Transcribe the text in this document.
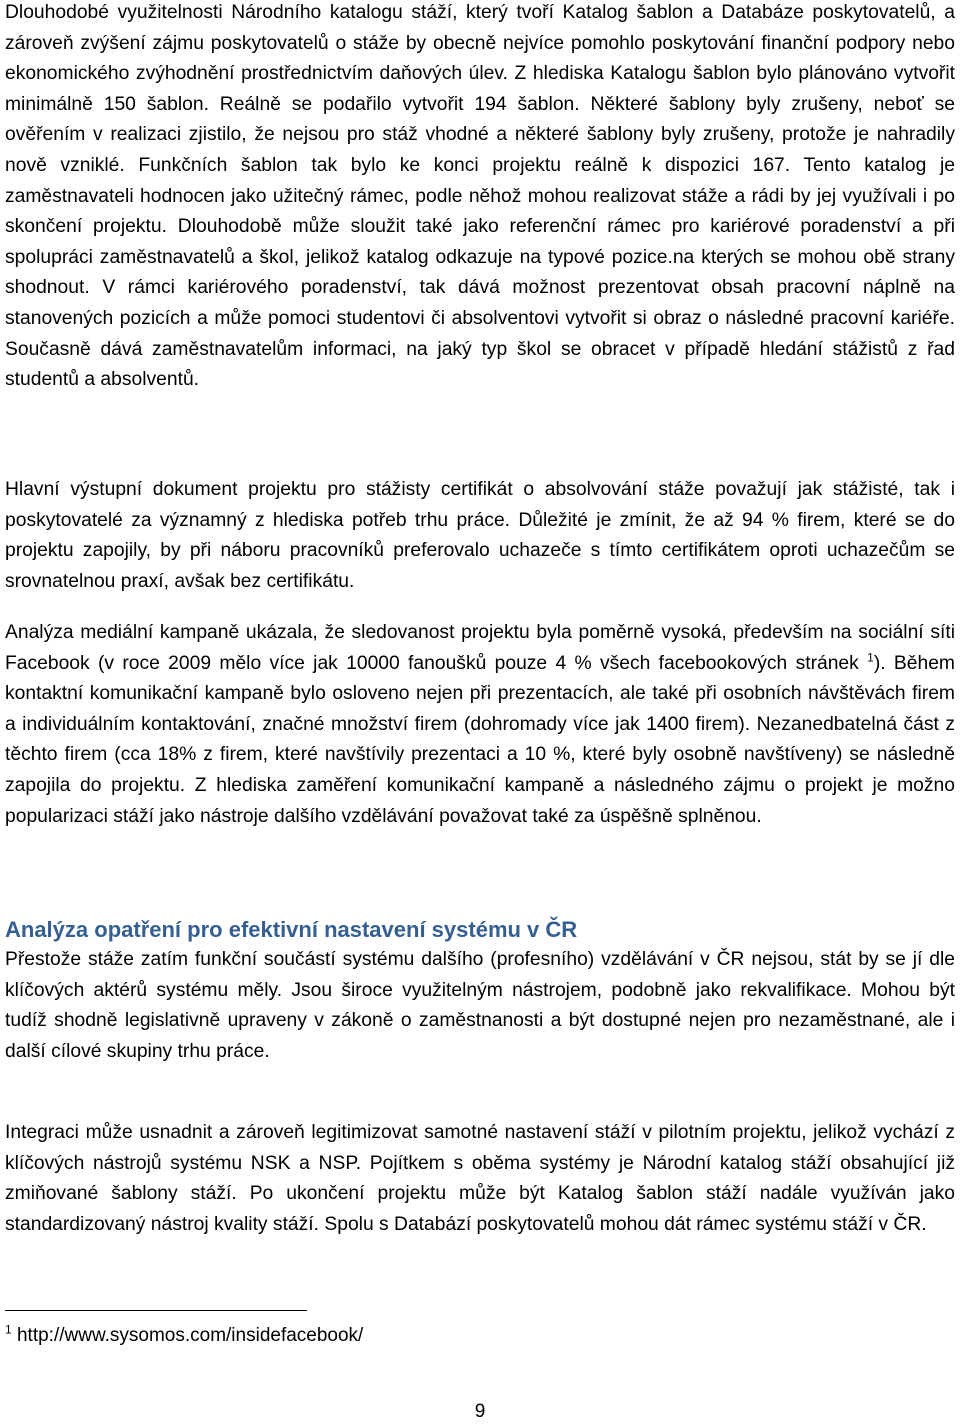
Dlouhodobé využitelnosti Národního katalogu stáží, který tvoří Katalog šablon a Databáze poskytovatelů, a zároveň zvýšení zájmu poskytovatelů o stáže by obecně nejvíce pomohlo poskytování finanční podpory nebo ekonomického zvýhodnění prostřednictvím daňových úlev. Z hlediska Katalogu šablon bylo plánováno vytvořit minimálně 150 šablon. Reálně se podařilo vytvořit 194 šablon. Některé šablony byly zrušeny, neboť se ověřením v realizaci zjistilo, že nejsou pro stáž vhodné a některé šablony byly zrušeny, protože je nahradily nově vzniklé. Funkčních šablon tak bylo ke konci projektu reálně k dispozici 167. Tento katalog je zaměstnavateli hodnocen jako užitečný rámec, podle něhož mohou realizovat stáže a rádi by jej využívali i po skončení projektu. Dlouhodobě může sloužit také jako referenční rámec pro kariérové poradenství a při spolupráci zaměstnavatelů a škol, jelikož katalog odkazuje na typové pozice.na kterých se mohou obě strany shodnout. V rámci kariérového poradenství, tak dává možnost prezentovat obsah pracovní náplně na stanovených pozicích a může pomoci studentovi či absolventovi vytvořit si obraz o následné pracovní kariéře. Současně dává zaměstnavatelům informaci, na jaký typ škol se obracet v případě hledání stážistů z řad studentů a absolventů.

Hlavní výstupní dokument projektu pro stážisty certifikát o absolvování stáže považují jak stážisté, tak i poskytovatelé za významný z hlediska potřeb trhu práce. Důležité je zmínit, že až 94 % firem, které se do projektu zapojily, by při náboru pracovníků preferovalo uchazeče s tímto certifikátem oproti uchazečům se srovnatelnou praxí, avšak bez certifikátu.

Analýza mediální kampaně ukázala, že sledovanost projektu byla poměrně vysoká, především na sociální síti Facebook (v roce 2009 mělo více jak 10000 fanoušků pouze 4 % všech facebookových stránek $^1$). Během kontaktní komunikační kampaně bylo osloveno nejen při prezentacích, ale také při osobních návštěvách firem a individuálním kontaktování, značné množství firem (dohromady více jak 1400 firem). Nezanedbatelná část z těchto firem (cca 18% z firem, které navštívily prezentaci a 10 %, které byly osobně navštíveny) se následně zapojila do projektu. Z hlediska zaměření komunikační kampaně a následného zájmu o projekt je možno popularizaci stáží jako nástroje dalšího vzdělávání považovat také za úspěšně splněnou.

Analýza opatření pro efektivní nastavení systému v ČR

Přestože stáže zatím funkční součástí systému dalšího (profesního) vzdělávání v ČR nejsou, stát by se jí dle klíčových aktérů systému měly. Jsou široce využitelným nástrojem, podobně jako rekvalifikace. Mohou být tudíž shodně legislativně upraveny v zákoně o zaměstnanosti a být dostupné nejen pro nezaměstnané, ale i další cílové skupiny trhu práce.

Integraci může usnadnit a zároveň legitimizovat samotné nastavení stáží v pilotním projektu, jelikož vychází z klíčových nástrojů systému NSK a NSP. Pojítkem s oběma systémy je Národní katalog stáží obsahující již zmiňované šablony stáží. Po ukončení projektu může být Katalog šablon stáží nadále využíván jako standardizovaný nástroj kvality stáží. Spolu s Databází poskytovatelů mohou dát rámec systému stáží v ČR.

$^1$ http://www.sysomos.com/insidefacebook/

9
